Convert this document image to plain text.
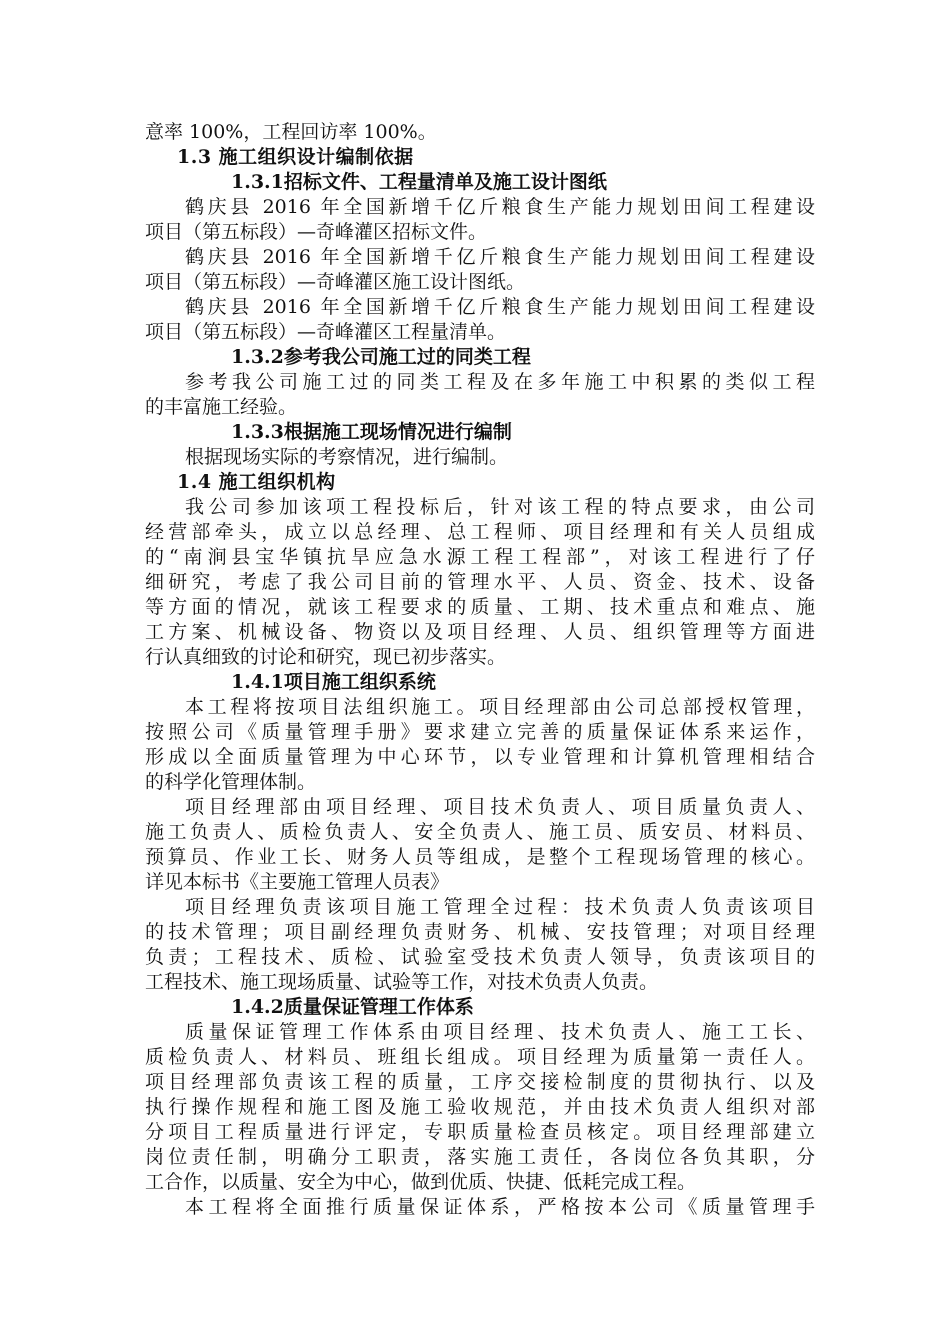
意率 100%，工程回访率 100%。
1.3 施工组织设计编制依据
1.3.1招标文件、工程量清单及施工设计图纸
鹤庆县 2016 年全国新增千亿斤粮食生产能力规划田间工程建设
项目（第五标段）—奇峰灌区招标文件。
鹤庆县 2016 年全国新增千亿斤粮食生产能力规划田间工程建设
项目（第五标段）—奇峰灌区施工设计图纸。
鹤庆县 2016 年全国新增千亿斤粮食生产能力规划田间工程建设
项目（第五标段）—奇峰灌区工程量清单。
1.3.2参考我公司施工过的同类工程
参考我公司施工过的同类工程及在多年施工中积累的类似工程
的丰富施工经验。
1.3.3根据施工现场情况进行编制
根据现场实际的考察情况，进行编制。
1.4 施工组织机构
我公司参加该项工程投标后，针对该工程的特点要求，由公司
经营部牵头，成立以总经理、总工程师、项目经理和有关人员组成
的“南涧县宝华镇抗旱应急水源工程工程部”，对该工程进行了仔
细研究，考虑了我公司目前的管理水平、人员、资金、技术、设备
等方面的情况，就该工程要求的质量、工期、技术重点和难点、施
工方案、机械设备、物资以及项目经理、人员、组织管理等方面进
行认真细致的讨论和研究，现已初步落实。
1.4.1项目施工组织系统
本工程将按项目法组织施工。项目经理部由公司总部授权管理，
按照公司《质量管理手册》要求建立完善的质量保证体系来运作，
形成以全面质量管理为中心环节，以专业管理和计算机管理相结合
的科学化管理体制。
项目经理部由项目经理、项目技术负责人、项目质量负责人、
施工负责人、质检负责人、安全负责人、施工员、质安员、材料员、
预算员、作业工长、财务人员等组成，是整个工程现场管理的核心。
详见本标书《主要施工管理人员表》
项目经理负责该项目施工管理全过程：技术负责人负责该项目
的技术管理；项目副经理负责财务、机械、安技管理；对项目经理
负责；工程技术、质检、试验室受技术负责人领导，负责该项目的
工程技术、施工现场质量、试验等工作，对技术负责人负责。
1.4.2质量保证管理工作体系
质量保证管理工作体系由项目经理、技术负责人、施工工长、
质检负责人、材料员、班组长组成。项目经理为质量第一责任人。
项目经理部负责该工程的质量，工序交接检制度的贯彻执行、以及
执行操作规程和施工图及施工验收规范，并由技术负责人组织对部
分项目工程质量进行评定，专职质量检查员核定。项目经理部建立
岗位责任制，明确分工职责，落实施工责任，各岗位各负其职，分
工合作，以质量、安全为中心，做到优质、快捷、低耗完成工程。
本工程将全面推行质量保证体系，严格按本公司《质量管理手
